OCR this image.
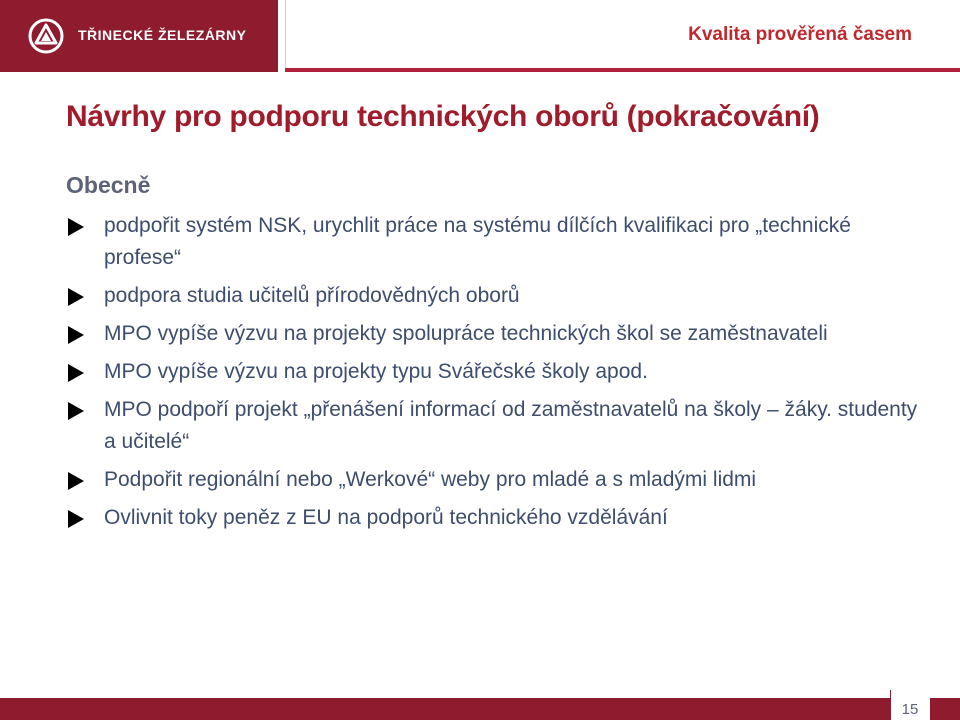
TŘINECKÉ ŽELEZÁRNY	Kvalita prověřená časem
Návrhy pro podporu technických oborů (pokračování)
Obecně
podpořit systém NSK, urychlit práce na systému dílčích kvalifikaci pro „technické profese“
podpora studia učitelů přírodovědných oborů
MPO vypíše výzvu na projekty spolupráce technických škol se zaměstnavateli
MPO vypíše výzvu na projekty typu Svářečské školy apod.
MPO podpoří projekt „přenášení informací od zaměstnavatelů na školy – žáky. studenty a učitelé“
Podpořit regionální nebo „Werkové“ weby pro mladé a s mladými lidmi
Ovlivnit toky peněz z EU na podporů technického vzdělávání
15
